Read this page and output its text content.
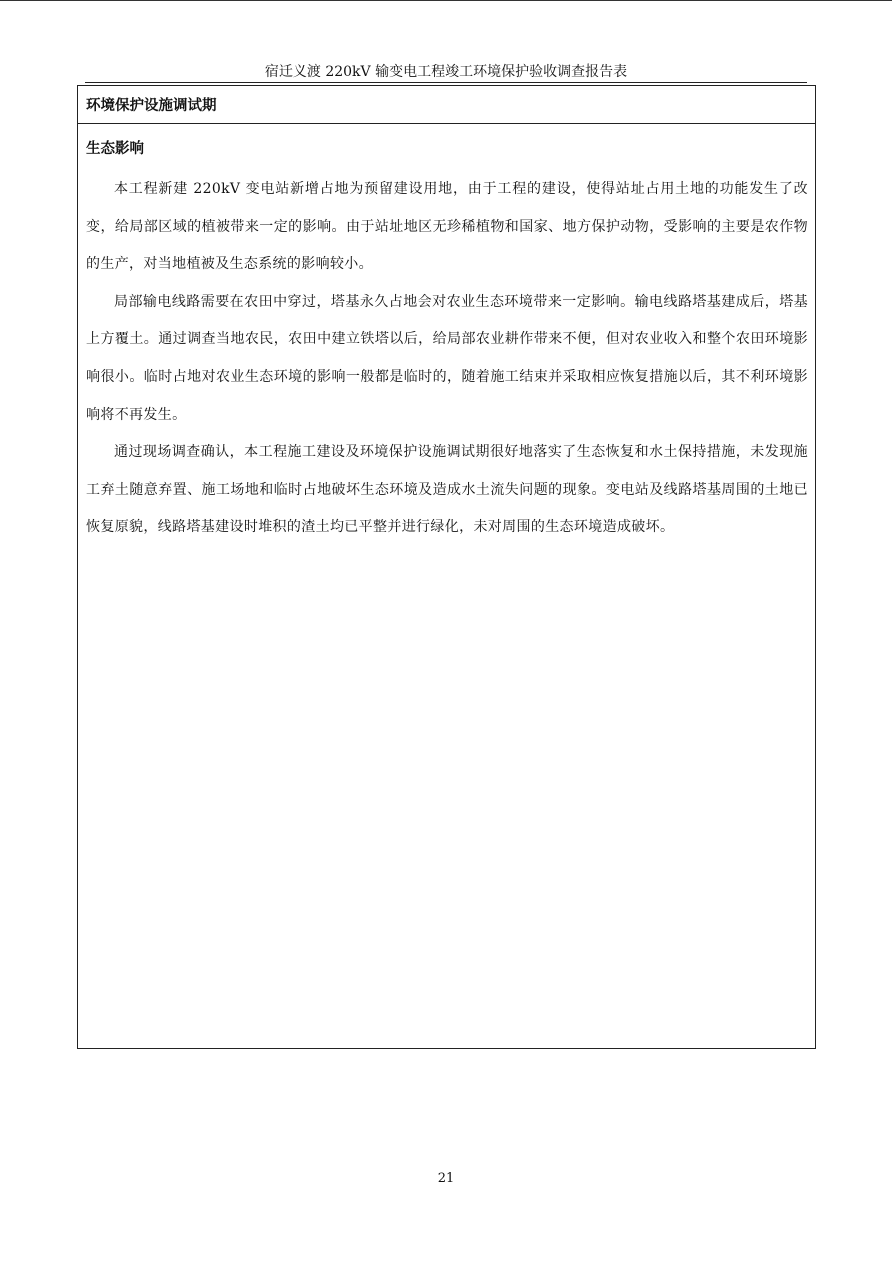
宿迁义渡 220kV 输变电工程竣工环境保护验收调查报告表
环境保护设施调试期
生态影响

本工程新建 220kV 变电站新增占地为预留建设用地，由于工程的建设，使得站址占用土地的功能发生了改变，给局部区域的植被带来一定的影响。由于站址地区无珍稀植物和国家、地方保护动物，受影响的主要是农作物的生产，对当地植被及生态系统的影响较小。

局部输电线路需要在农田中穿过，塔基永久占地会对农业生态环境带来一定影响。输电线路塔基建成后，塔基上方覆土。通过调查当地农民，农田中建立铁塔以后，给局部农业耕作带来不便，但对农业收入和整个农田环境影响很小。临时占地对农业生态环境的影响一般都是临时的，随着施工结束并采取相应恢复措施以后，其不利环境影响将不再发生。

通过现场调查确认，本工程施工建设及环境保护设施调试期很好地落实了生态恢复和水土保持措施，未发现施工弃土随意弃置、施工场地和临时占地破坏生态环境及造成水土流失问题的现象。变电站及线路塔基周围的土地已恢复原貌，线路塔基建设时堆积的渣土均已平整并进行绿化，未对周围的生态环境造成破坏。

21
